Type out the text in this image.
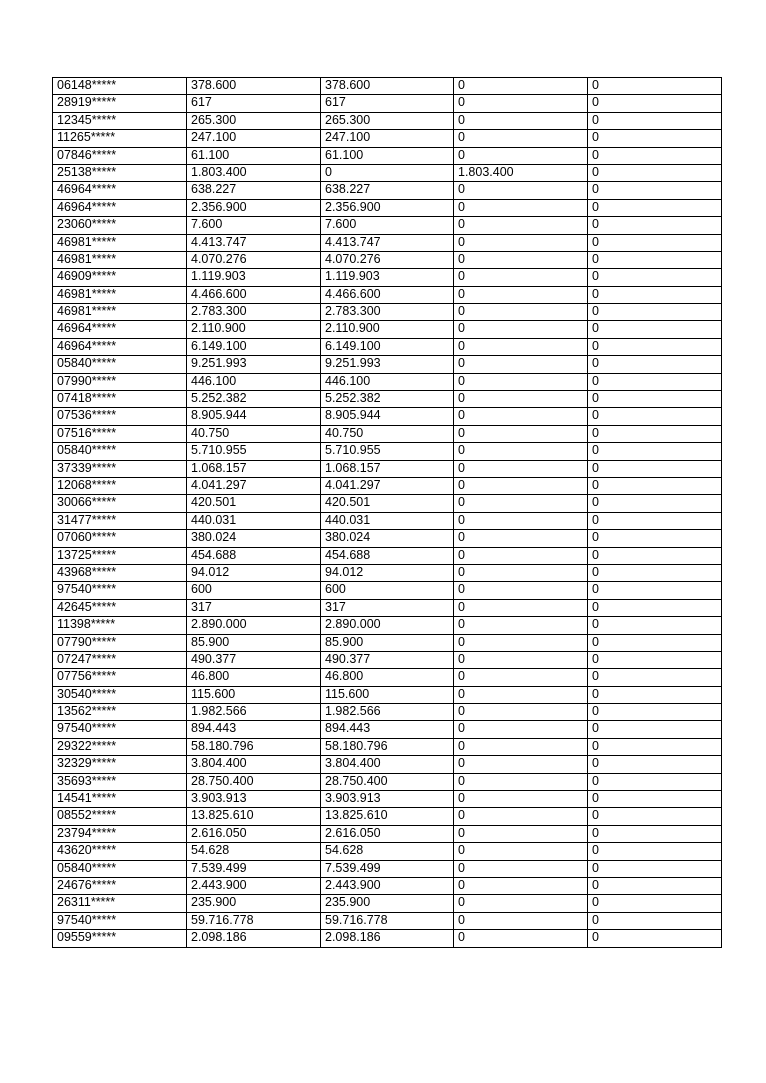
06148*****	378.600	378.600	0	0
28919*****	617	617	0	0
12345*****	265.300	265.300	0	0
11265*****	247.100	247.100	0	0
07846*****	61.100	61.100	0	0
25138*****	1.803.400	0	1.803.400	0
46964*****	638.227	638.227	0	0
46964*****	2.356.900	2.356.900	0	0
23060*****	7.600	7.600	0	0
46981*****	4.413.747	4.413.747	0	0
46981*****	4.070.276	4.070.276	0	0
46909*****	1.119.903	1.119.903	0	0
46981*****	4.466.600	4.466.600	0	0
46981*****	2.783.300	2.783.300	0	0
46964*****	2.110.900	2.110.900	0	0
46964*****	6.149.100	6.149.100	0	0
05840*****	9.251.993	9.251.993	0	0
07990*****	446.100	446.100	0	0
07418*****	5.252.382	5.252.382	0	0
07536*****	8.905.944	8.905.944	0	0
07516*****	40.750	40.750	0	0
05840*****	5.710.955	5.710.955	0	0
37339*****	1.068.157	1.068.157	0	0
12068*****	4.041.297	4.041.297	0	0
30066*****	420.501	420.501	0	0
31477*****	440.031	440.031	0	0
07060*****	380.024	380.024	0	0
13725*****	454.688	454.688	0	0
43968*****	94.012	94.012	0	0
97540*****	600	600	0	0
42645*****	317	317	0	0
11398*****	2.890.000	2.890.000	0	0
07790*****	85.900	85.900	0	0
07247*****	490.377	490.377	0	0
07756*****	46.800	46.800	0	0
30540*****	115.600	115.600	0	0
13562*****	1.982.566	1.982.566	0	0
97540*****	894.443	894.443	0	0
29322*****	58.180.796	58.180.796	0	0
32329*****	3.804.400	3.804.400	0	0
35693*****	28.750.400	28.750.400	0	0
14541*****	3.903.913	3.903.913	0	0
08552*****	13.825.610	13.825.610	0	0
23794*****	2.616.050	2.616.050	0	0
43620*****	54.628	54.628	0	0
05840*****	7.539.499	7.539.499	0	0
24676*****	2.443.900	2.443.900	0	0
26311*****	235.900	235.900	0	0
97540*****	59.716.778	59.716.778	0	0
09559*****	2.098.186	2.098.186	0	0
